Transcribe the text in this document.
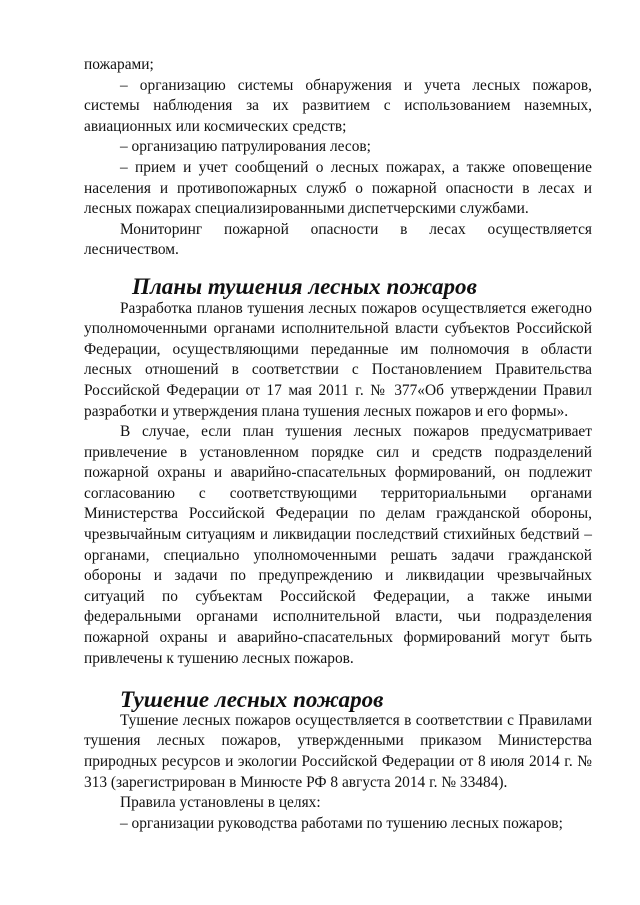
пожарами;

– организацию системы обнаружения и учета лесных пожаров, системы наблюдения за их развитием с использованием наземных, авиационных или космических средств;

– организацию патрулирования лесов;

– прием и учет сообщений о лесных пожарах, а также оповещение населения и противопожарных служб о пожарной опасности в лесах и лесных пожарах специализированными диспетчерскими службами.

Мониторинг пожарной опасности в лесах осуществляется лесничеством.

Планы тушения лесных пожаров

Разработка планов тушения лесных пожаров осуществляется ежегодно уполномоченными органами исполнительной власти субъектов Российской Федерации, осуществляющими переданные им полномочия в области лесных отношений в соответствии с Постановлением Правительства Российской Федерации от 17 мая 2011 г. № 377«Об утверждении Правил разработки и утверждения плана тушения лесных пожаров и его формы».

В случае, если план тушения лесных пожаров предусматривает привлечение в установленном порядке сил и средств подразделений пожарной охраны и аварийно-спасательных формирований, он подлежит согласованию с соответствующими территориальными органами Министерства Российской Федерации по делам гражданской обороны, чрезвычайным ситуациям и ликвидации последствий стихийных бедствий – органами, специально уполномоченными решать задачи гражданской обороны и задачи по предупреждению и ликвидации чрезвычайных ситуаций по субъектам Российской Федерации, а также иными федеральными органами исполнительной власти, чьи подразделения пожарной охраны и аварийно-спасательных формирований могут быть привлечены к тушению лесных пожаров.

Тушение лесных пожаров

Тушение лесных пожаров осуществляется в соответствии с Правилами тушения лесных пожаров, утвержденными приказом Министерства природных ресурсов и экологии Российской Федерации от 8 июля 2014 г. № 313 (зарегистрирован в Минюсте РФ 8 августа 2014 г. № 33484).

Правила установлены в целях:

– организации руководства работами по тушению лесных пожаров;
